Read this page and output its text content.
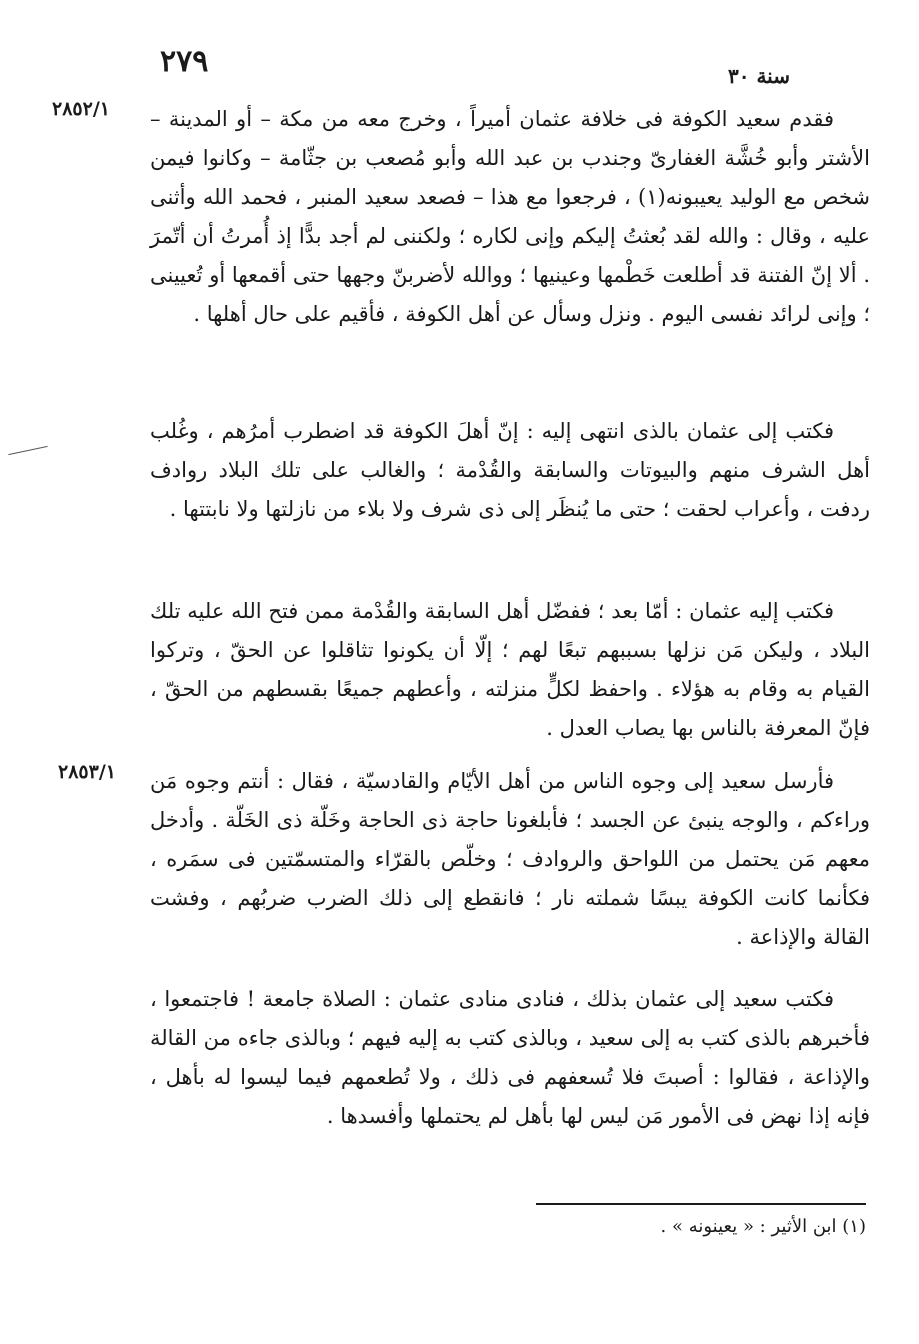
٢٧٩	سنة ٣٠
٢٨٥٢/١
٢٨٥٣/١

فقدم سعيد الكوفة فى خلافة عثمان أميراً ، وخرج معه من مكة – أو المدينة – الأشتر وأبو خُشَّة الغفارىّ وجندب بن عبد الله وأبو مُصعب بن جثّامة – وكانوا فيمن شخص مع الوليد يعيبونه(١) ، فرجعوا مع هذا – فصعد سعيد المنبر ، فحمد الله وأثنى عليه ، وقال : والله لقد بُعثتُ إليكم وإنى لكاره ؛ ولكننى لم أجد بدًّا إذ أُمرتُ أن أتّمرَ . ألا إنّ الفتنة قد أطلعت خَطْمها وعينيها ؛ ووالله لأضربنّ وجهها حتى أقمعها أو تُعيينى ؛ وإنى لرائد نفسى اليوم . ونزل وسأل عن أهل الكوفة ، فأقيم على حال أهلها .

فكتب إلى عثمان بالذى انتهى إليه : إنّ أهلَ الكوفة قد اضطرب أمرُهم ، وغُلب أهل الشرف منهم والبيوتات والسابقة والقُدْمة ؛ والغالب على تلك البلاد روادف ردفت ، وأعراب لحقت ؛ حتى ما يُنظَر إلى ذى شرف ولا بلاء من نازلتها ولا نابتتها .

فكتب إليه عثمان : أمّا بعد ؛ ففضّل أهل السابقة والقُدْمة ممن فتح الله عليه تلك البلاد ، وليكن مَن نزلها بسببهم تبعًا لهم ؛ إلّا أن يكونوا تثاقلوا عن الحقّ ، وتركوا القيام به وقام به هؤلاء . واحفظ لكلٍّ منزلته ، وأعطهم جميعًا بقسطهم من الحقّ ، فإنّ المعرفة بالناس بها يصاب العدل .

فأرسل سعيد إلى وجوه الناس من أهل الأيّام والقادسيّة ، فقال : أنتم وجوه مَن وراءكم ، والوجه ينبئ عن الجسد ؛ فأبلغونا حاجة ذى الحاجة وخَلّة ذى الخَلّة . وأدخل معهم مَن يحتمل من اللواحق والروادف ؛ وخلّص بالقرّاء والمتسمّتين فى سمَره ، فكأنما كانت الكوفة يبسًا شملته نار ؛ فانقطع إلى ذلك الضرب ضربُهم ، وفشت القالة والإذاعة .

فكتب سعيد إلى عثمان بذلك ، فنادى منادى عثمان : الصلاة جامعة ! فاجتمعوا ، فأخبرهم بالذى كتب به إلى سعيد ، وبالذى كتب به إليه فيهم ؛ وبالذى جاءه من القالة والإذاعة ، فقالوا : أصبتَ فلا تُسعفهم فى ذلك ، ولا تُطعمهم فيما ليسوا له بأهل ، فإنه إذا نهض فى الأمور مَن ليس لها بأهل لم يحتملها وأفسدها .

(١) ابن الأثير : « يعينونه » .
